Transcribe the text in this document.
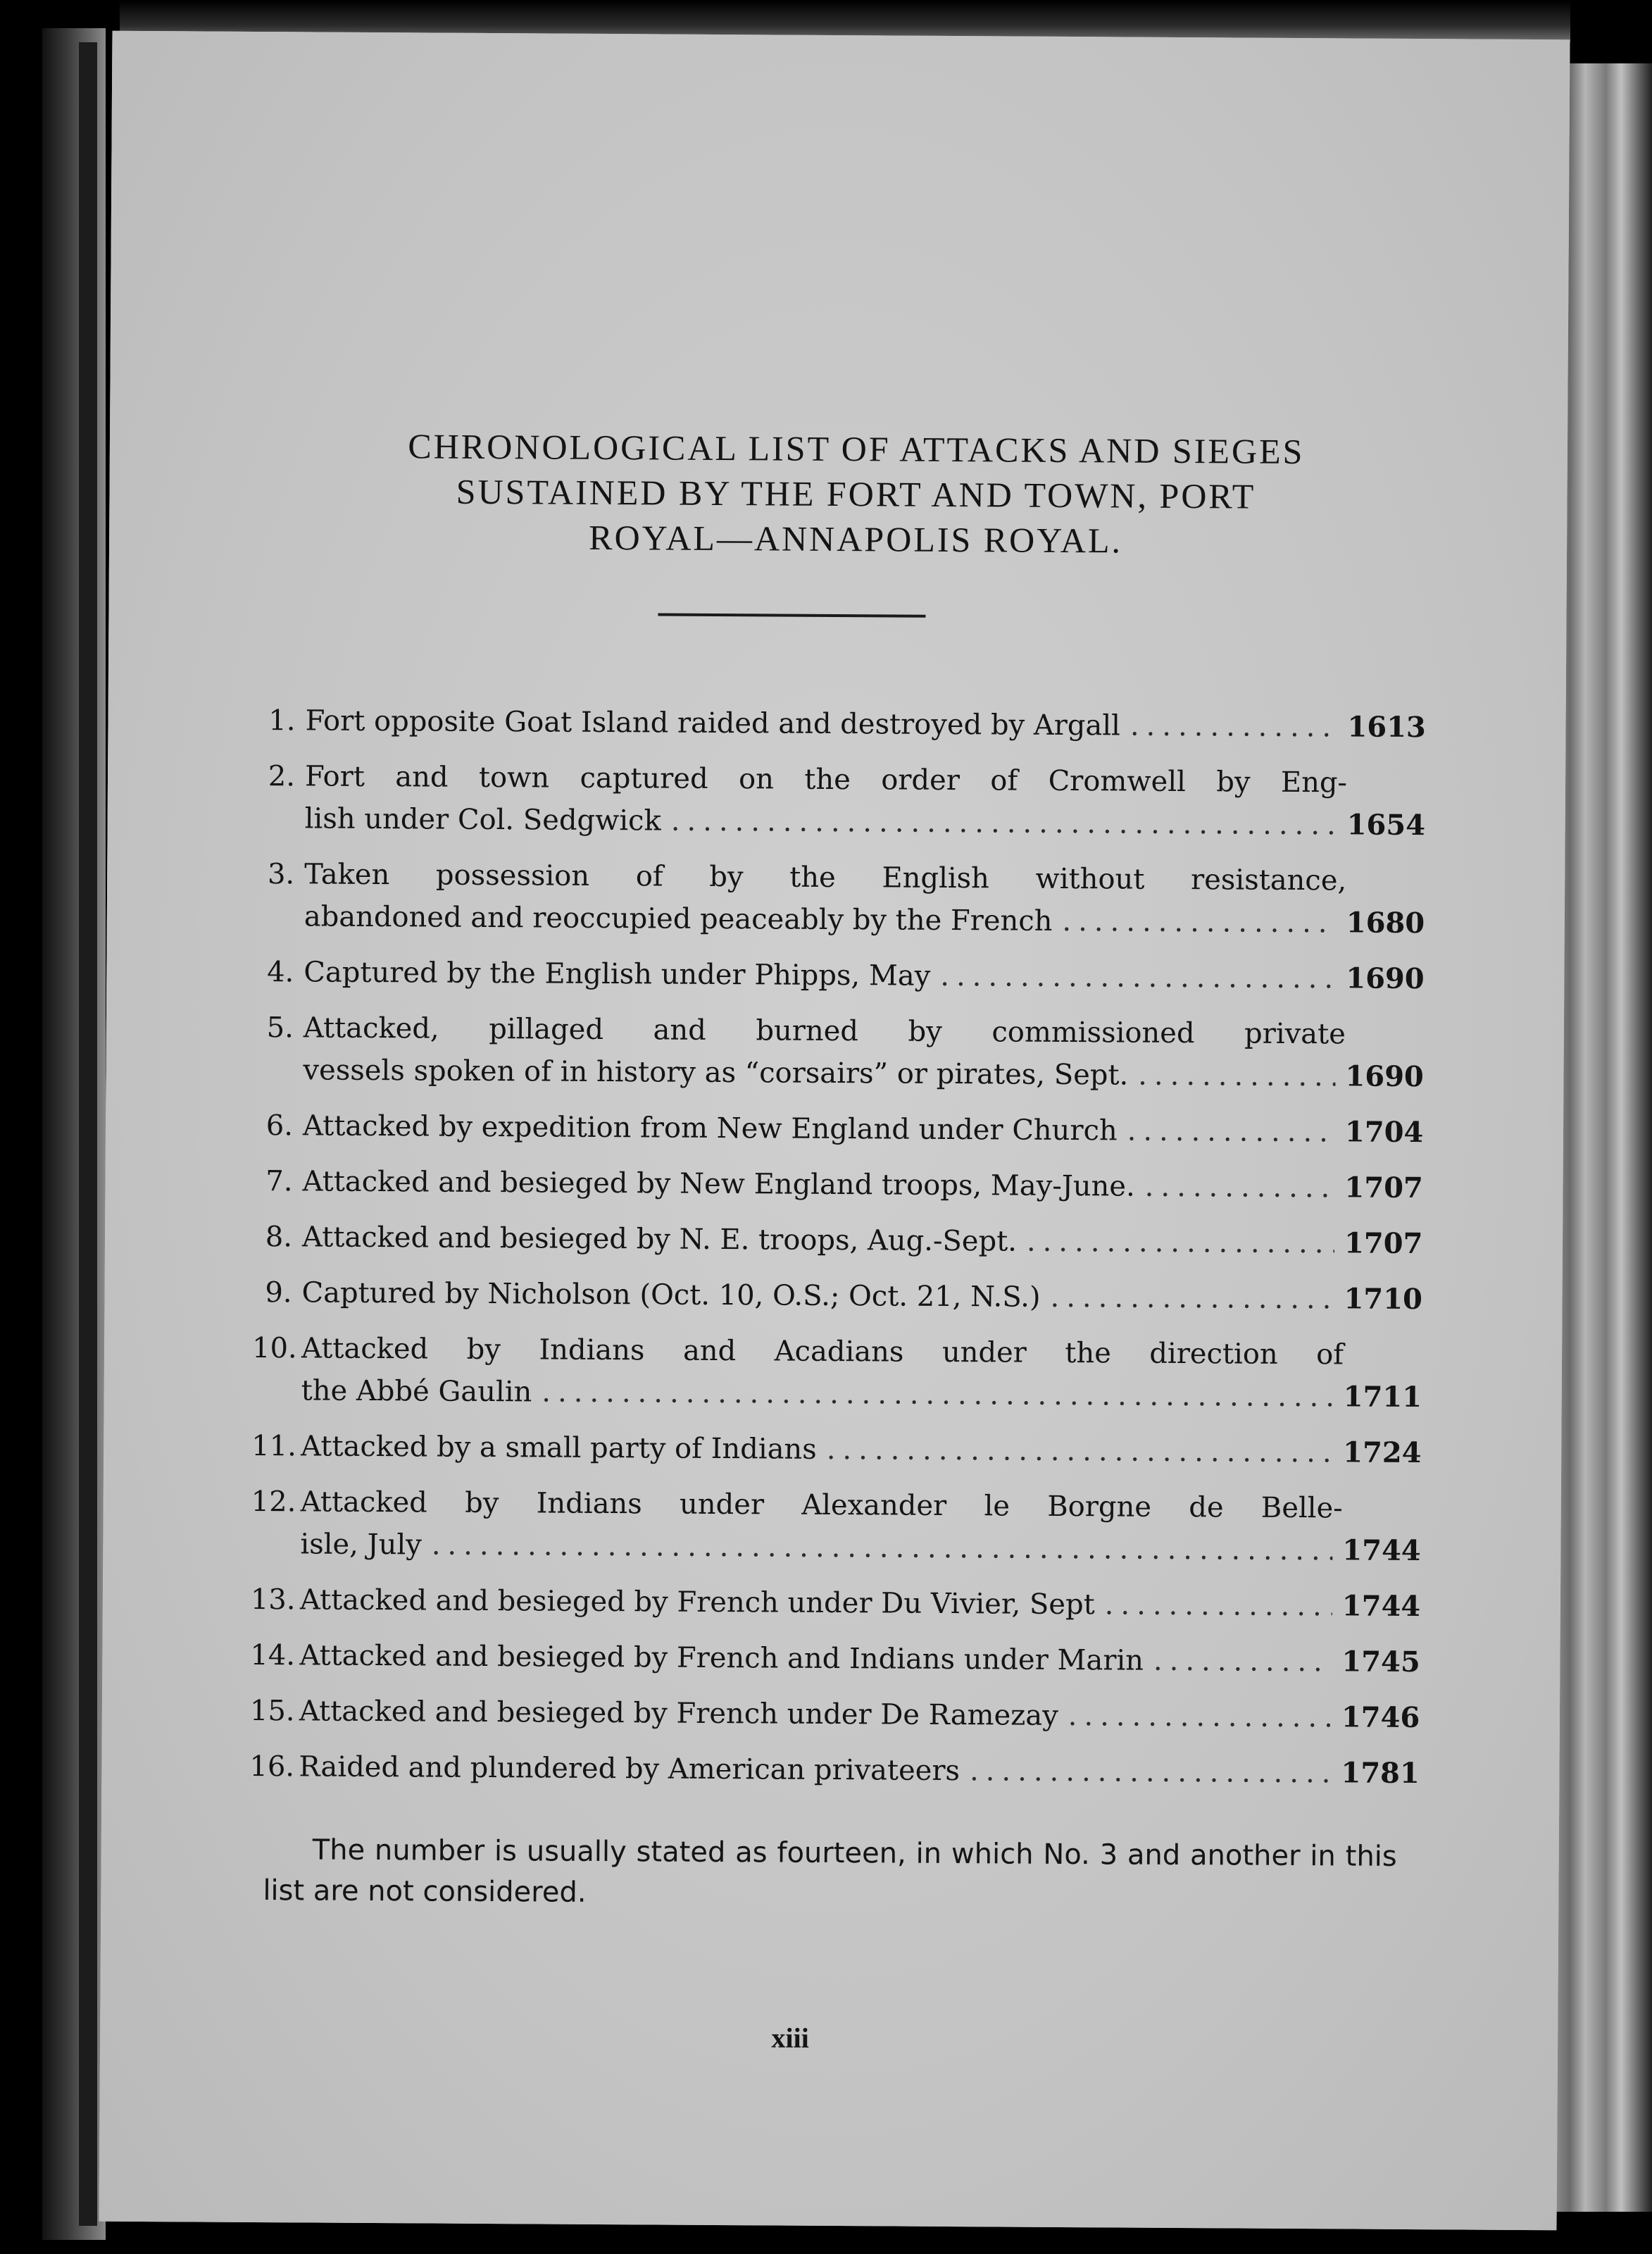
CHRONOLOGICAL LIST OF ATTACKS AND SIEGES
SUSTAINED BY THE FORT AND TOWN, PORT
ROYAL—ANNAPOLIS ROYAL.
1. Fort opposite Goat Island raided and destroyed by Argall .....	1613
2. Fort and town captured on the order of Cromwell by Eng-
lish under Col. Sedgwick .....	1654
3. Taken possession of by the English without resistance,
abandoned and reoccupied peaceably by the French .....	1680
4. Captured by the English under Phipps, May .....	1690
5. Attacked, pillaged and burned by commissioned private
vessels spoken of in history as “corsairs” or pirates, Sept. .....	1690
6. Attacked by expedition from New England under Church .....	1704
7. Attacked and besieged by New England troops, May-June. .....	1707
8. Attacked and besieged by N. E. troops, Aug.-Sept. .....	1707
9. Captured by Nicholson (Oct. 10, O.S.; Oct. 21, N.S.) .....	1710
10. Attacked by Indians and Acadians under the direction of
the Abbé Gaulin .....	1711
11. Attacked by a small party of Indians .....	1724
12. Attacked by Indians under Alexander le Borgne de Belle-
isle, July .....	1744
13. Attacked and besieged by French under Du Vivier, Sept .....	1744
14. Attacked and besieged by French and Indians under Marin .....	1745
15. Attacked and besieged by French under De Ramezay .....	1746
16. Raided and plundered by American privateers .....	1781
The number is usually stated as fourteen, in which No. 3 and another in this list are not considered.
xiii
